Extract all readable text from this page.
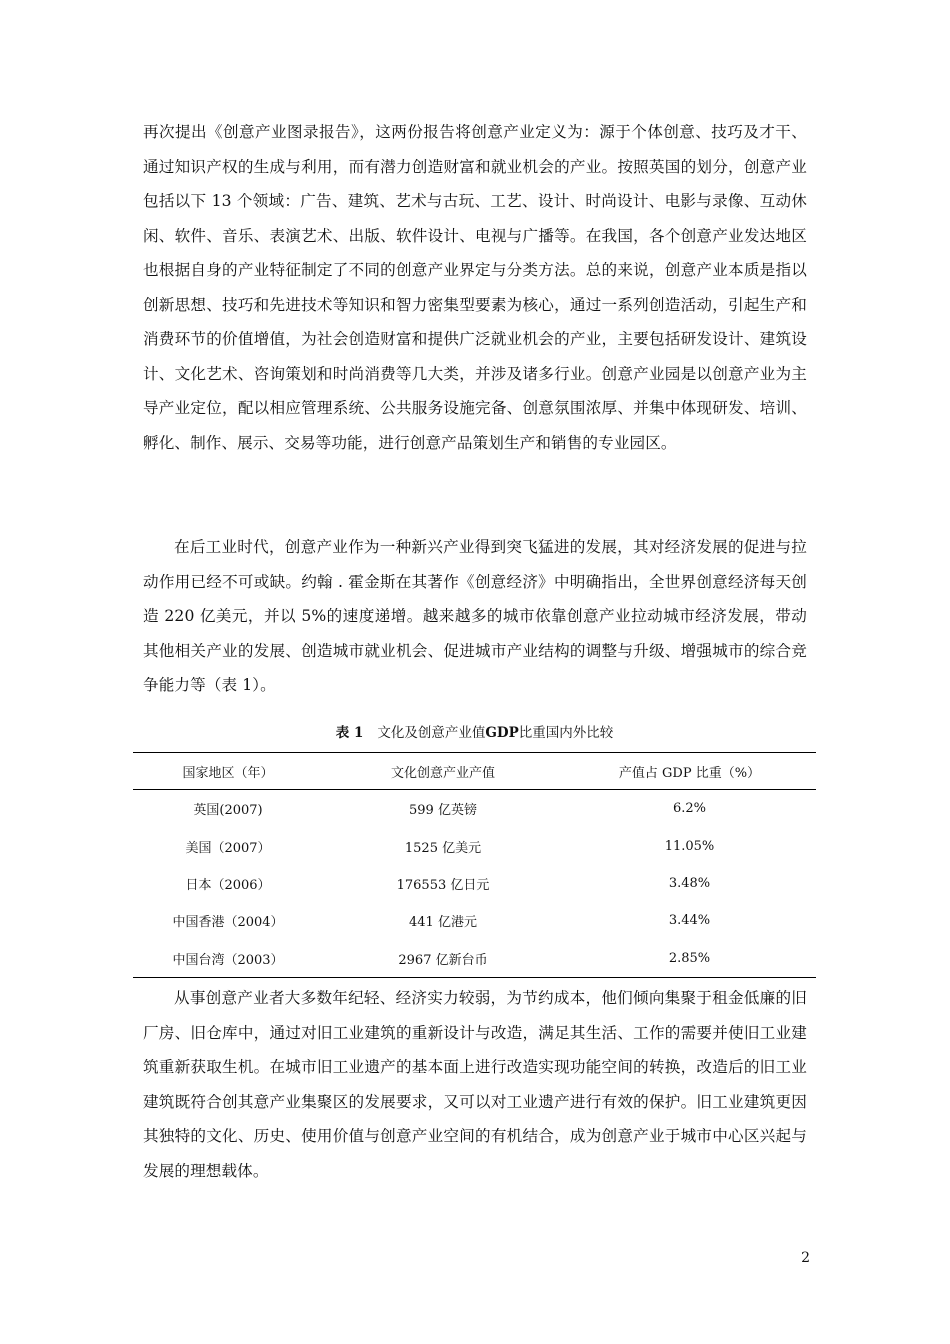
再次提出《创意产业图录报告》，这两份报告将创意产业定义为：源于个体创意、技巧及才干、通过知识产权的生成与利用，而有潜力创造财富和就业机会的产业。按照英国的划分，创意产业包括以下 13 个领域：广告、建筑、艺术与古玩、工艺、设计、时尚设计、电影与录像、互动休闲、软件、音乐、表演艺术、出版、软件设计、电视与广播等。在我国，各个创意产业发达地区也根据自身的产业特征制定了不同的创意产业界定与分类方法。总的来说，创意产业本质是指以创新思想、技巧和先进技术等知识和智力密集型要素为核心，通过一系列创造活动，引起生产和消费环节的价值增值，为社会创造财富和提供广泛就业机会的产业，主要包括研发设计、建筑设计、文化艺术、咨询策划和时尚消费等几大类，并涉及诸多行业。创意产业园是以创意产业为主导产业定位，配以相应管理系统、公共服务设施完备、创意氛围浓厚、并集中体现研发、培训、孵化、制作、展示、交易等功能，进行创意产品策划生产和销售的专业园区。

在后工业时代，创意产业作为一种新兴产业得到突飞猛进的发展，其对经济发展的促进与拉动作用已经不可或缺。约翰 . 霍金斯在其著作《创意经济》中明确指出，全世界创意经济每天创造 220 亿美元，并以 5%的速度递增。越来越多的城市依靠创意产业拉动城市经济发展，带动其他相关产业的发展、创造城市就业机会、促进城市产业结构的调整与升级、增强城市的综合竞争能力等（表 1）。

表 1 文化及创意产业值GDP比重国内外比较
国家地区（年）	文化创意产业产值	产值占 GDP 比重（%）
英国(2007)	599 亿英镑	6.2%
美国（2007）	1525 亿美元	11.05%
日本（2006）	176553 亿日元	3.48%
中国香港（2004）	441 亿港元	3.44%
中国台湾（2003）	2967 亿新台币	2.85%

从事创意产业者大多数年纪轻、经济实力较弱，为节约成本，他们倾向集聚于租金低廉的旧厂房、旧仓库中，通过对旧工业建筑的重新设计与改造，满足其生活、工作的需要并使旧工业建筑重新获取生机。在城市旧工业遗产的基本面上进行改造实现功能空间的转换，改造后的旧工业建筑既符合创其意产业集聚区的发展要求，又可以对工业遗产进行有效的保护。旧工业建筑更因其独特的文化、历史、使用价值与创意产业空间的有机结合，成为创意产业于城市中心区兴起与发展的理想载体。

2
